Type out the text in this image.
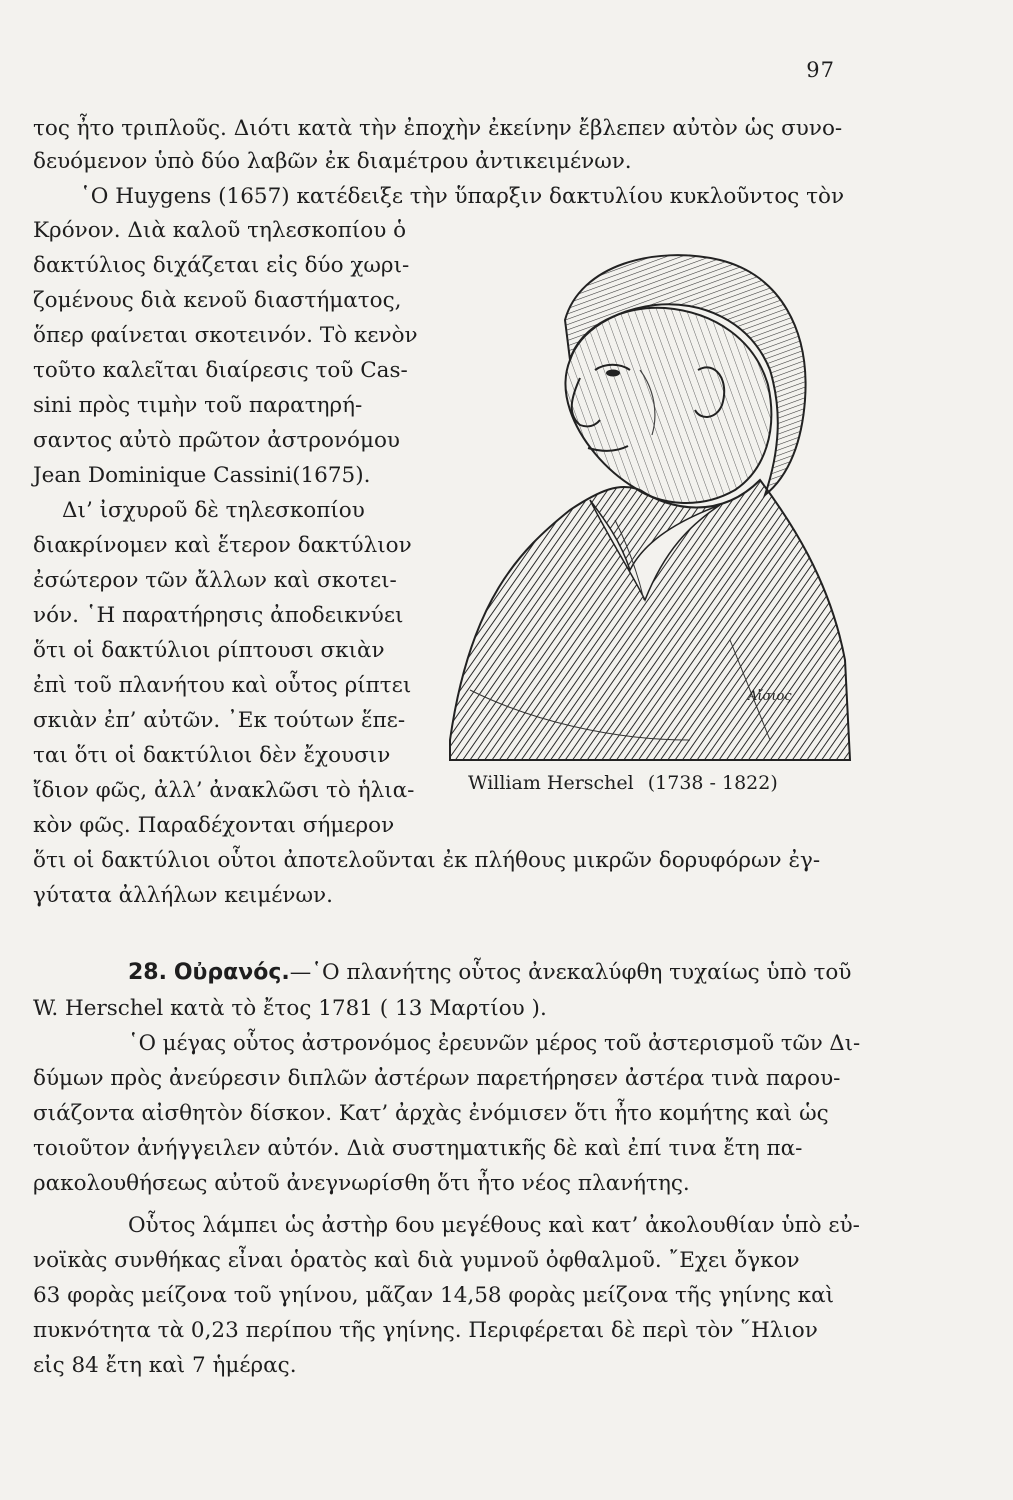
97
τος ἦτο τριπλοῦς. Διότι κατὰ τὴν ἐποχὴν ἐκείνην ἔβλεπεν αὐτὸν ὡς συνο-
δευόμενον ὑπὸ δύο λαβῶν ἐκ διαμέτρου ἀντικειμένων.
῾Ο Huygens (1657) κατέδειξε τὴν ὕπαρξιν δακτυλίου κυκλοῦντος τὸν
Κρόνον. Διὰ καλοῦ τηλεσκοπίου ὁ
δακτύλιος διχάζεται εἰς δύο χωρι-
ζομένους διὰ κενοῦ διαστήματος,
ὅπερ φαίνεται σκοτεινόν. Τὸ κενὸν
τοῦτο καλεῖται διαίρεσις τοῦ Cas-
sini πρὸς τιμὴν τοῦ παρατηρή-
σαντος αὐτὸ πρῶτον ἀστρονόμου
Jean Dominique Cassini(1675).
Δι’ ἰσχυροῦ δὲ τηλεσκοπίου
διακρίνομεν καὶ ἕτερον δακτύλιον
ἐσώτερον τῶν ἄλλων καὶ σκοτει-
νόν. ῾Η παρατήρησις ἀποδεικνύει
ὅτι οἱ δακτύλιοι ρίπτουσι σκιὰν
ἐπὶ τοῦ πλανήτου καὶ οὗτος ρίπτει
σκιὰν ἐπ’ αὐτῶν. ᾿Εκ τούτων ἕπε-
ται ὅτι οἱ δακτύλιοι δὲν ἔχουσιν
ἴδιον φῶς, ἀλλ’ ἀνακλῶσι τὸ ἡλια-
κὸν φῶς. Παραδέχονται σήμερον
ὅτι οἱ δακτύλιοι οὗτοι ἀποτελοῦνται ἐκ πλήθους μικρῶν δορυφόρων ἐγ-
γύτατα ἀλλήλων κειμένων.
Αἴσιος
William Herschel (1738 - 1822)
28. Οὐρανός.—῾Ο πλανήτης οὗτος ἀνεκαλύφθη τυχαίως ὑπὸ τοῦ
W. Herschel κατὰ τὸ ἔτος 1781 ( 13 Μαρτίου ).
῾Ο μέγας οὗτος ἀστρονόμος ἐρευνῶν μέρος τοῦ ἀστερισμοῦ τῶν Δι-
δύμων πρὸς ἀνεύρεσιν διπλῶν ἀστέρων παρετήρησεν ἀστέρα τινὰ παρου-
σιάζοντα αἰσθητὸν δίσκον. Κατ’ ἀρχὰς ἐνόμισεν ὅτι ἦτο κομήτης καὶ ὡς
τοιοῦτον ἀνήγγειλεν αὐτόν. Διὰ συστηματικῆς δὲ καὶ ἐπί τινα ἔτη πα-
ρακολουθήσεως αὐτοῦ ἀνεγνωρίσθη ὅτι ἦτο νέος πλανήτης.
Οὗτος λάμπει ὡς ἀστὴρ 6ου μεγέθους καὶ κατ’ ἀκολουθίαν ὑπὸ εὐ-
νοϊκὰς συνθήκας εἶναι ὁρατὸς καὶ διὰ γυμνοῦ ὀφθαλμοῦ. ῎Εχει ὄγκον
63 φορὰς μείζονα τοῦ γηίνου, μᾶζαν 14,58 φορὰς μείζονα τῆς γηίνης καὶ
πυκνότητα τὰ 0,23 περίπου τῆς γηίνης. Περιφέρεται δὲ περὶ τὸν ῞Ηλιον
εἰς 84 ἔτη καὶ 7 ἡμέρας.
